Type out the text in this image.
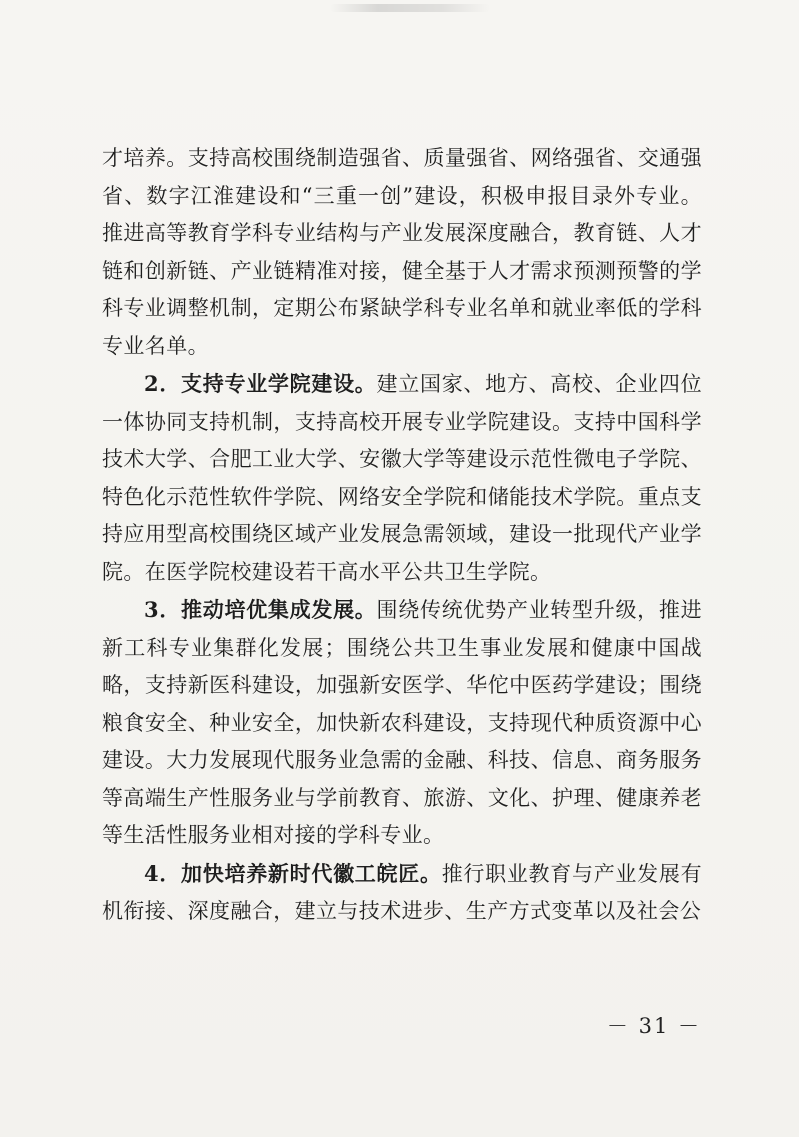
才培养。支持高校围绕制造强省、质量强省、网络强省、交通强省、数字江淮建设和“三重一创”建设，积极申报目录外专业。推进高等教育学科专业结构与产业发展深度融合，教育链、人才链和创新链、产业链精准对接，健全基于人才需求预测预警的学科专业调整机制，定期公布紧缺学科专业名单和就业率低的学科专业名单。

2．支持专业学院建设。建立国家、地方、高校、企业四位一体协同支持机制，支持高校开展专业学院建设。支持中国科学技术大学、合肥工业大学、安徽大学等建设示范性微电子学院、特色化示范性软件学院、网络安全学院和储能技术学院。重点支持应用型高校围绕区域产业发展急需领域，建设一批现代产业学院。在医学院校建设若干高水平公共卫生学院。

3．推动培优集成发展。围绕传统优势产业转型升级，推进新工科专业集群化发展；围绕公共卫生事业发展和健康中国战略，支持新医科建设，加强新安医学、华佗中医药学建设；围绕粮食安全、种业安全，加快新农科建设，支持现代种质资源中心建设。大力发展现代服务业急需的金融、科技、信息、商务服务等高端生产性服务业与学前教育、旅游、文化、护理、健康养老等生活性服务业相对接的学科专业。

4．加快培养新时代徽工皖匠。推行职业教育与产业发展有机衔接、深度融合，建立与技术进步、生产方式变革以及社会公

－ 31 －
